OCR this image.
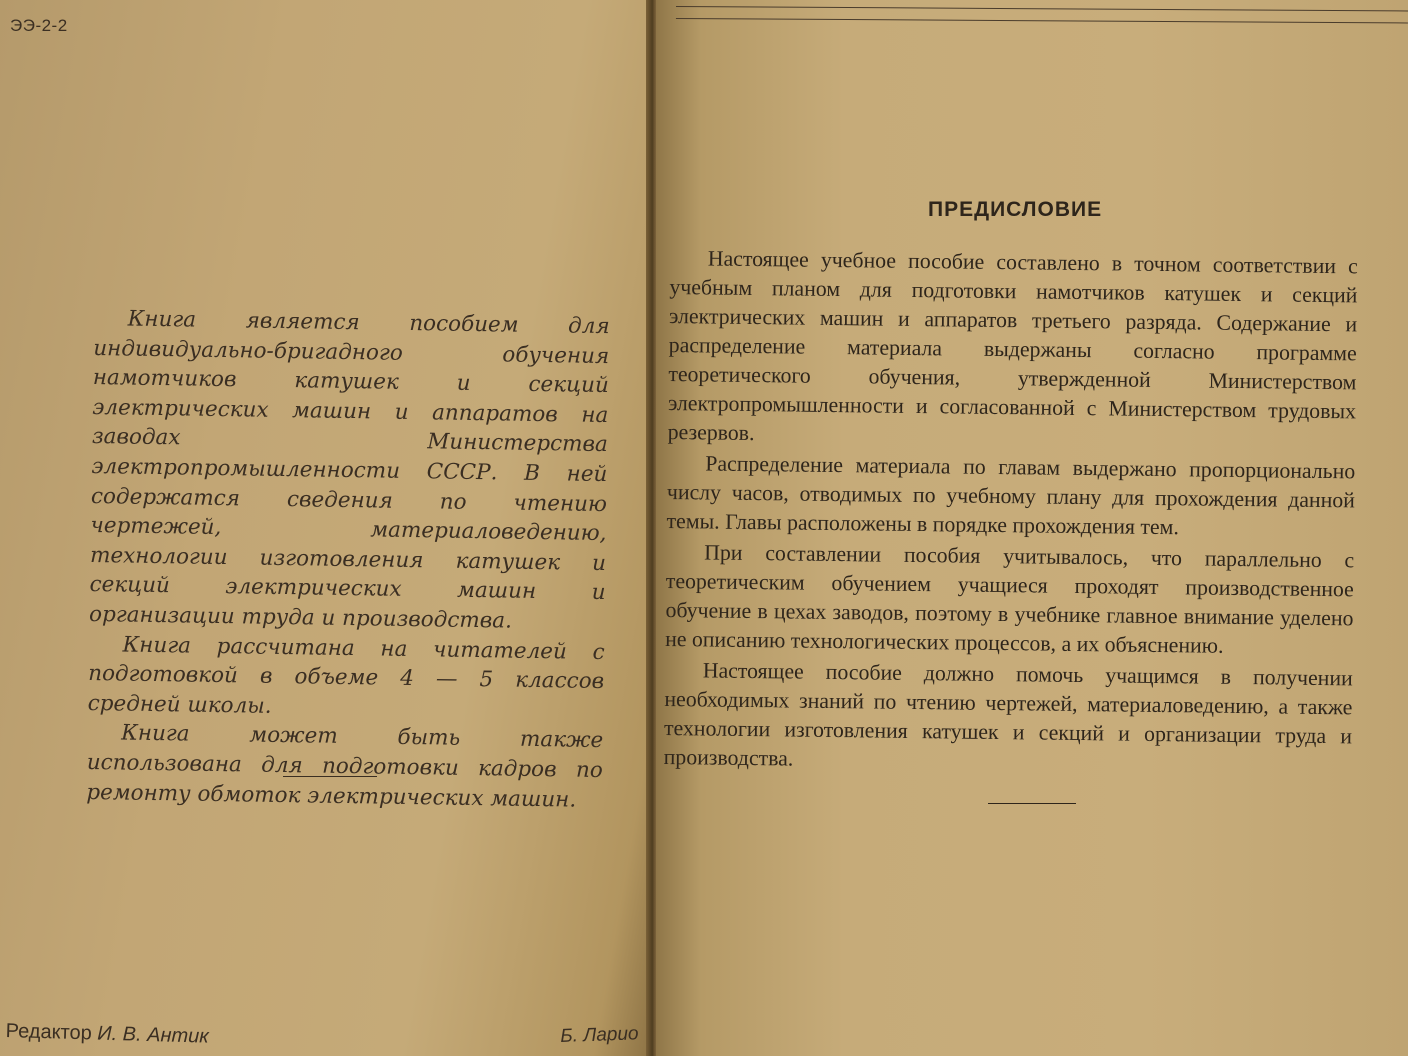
ЭЭ-2-2

Книга является пособием для индивидуально-бригадного обучения намотчиков катушек и секций электрических машин и аппаратов на заводах Министерства электропромышленности СССР. В ней содержатся сведения по чтению чертежей, материаловедению, технологии изготовления катушек и секций электрических машин и организации труда и производства.

Книга рассчитана на читателей с подготовкой в объеме 4 — 5 классов средней школы.

Книга может быть также использована для подготовки кадров по ремонту обмоток электрических машин.

Редактор И. В. Антик	Б. Ларио
ПРЕДИСЛОВИЕ

Настоящее учебное пособие составлено в точном соответствии с учебным планом для подготовки намотчиков катушек и секций электрических машин и аппаратов третьего разряда. Содержание и распределение материала выдержаны согласно программе теоретического обучения, утвержденной Министерством электропромышленности и согласованной с Министерством трудовых резервов.

Распределение материала по главам выдержано пропорционально числу часов, отводимых по учебному плану для прохождения данной темы. Главы расположены в порядке прохождения тем.

При составлении пособия учитывалось, что параллельно с теоретическим обучением учащиеся проходят производственное обучение в цехах заводов, поэтому в учебнике главное внимание уделено не описанию технологических процессов, а их объяснению.

Настоящее пособие должно помочь учащимся в получении необходимых знаний по чтению чертежей, материаловедению, а также технологии изготовления катушек и секций и организации труда и производства.
